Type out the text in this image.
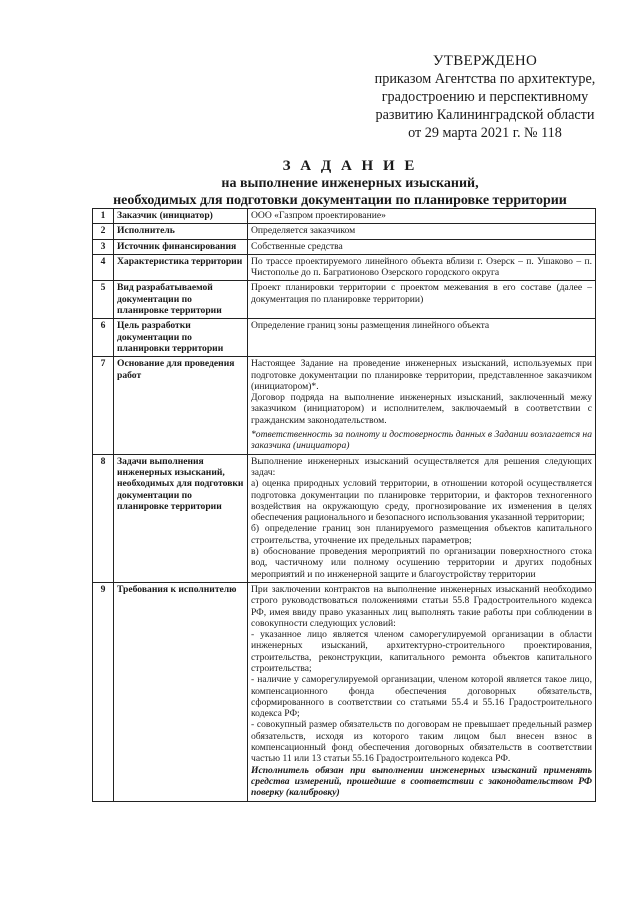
УТВЕРЖДЕНО
приказом Агентства по архитектуре,
градостроению и перспективному
развитию Калининградской области
от 29 марта 2021 г. № 118
З А Д А Н И Е
на выполнение инженерных изысканий,
необходимых для подготовки документации по планировке территории
1	Заказчик (инициатор)	ООО «Газпром проектирование»

2	Исполнитель	Определяется заказчиком

3	Источник финансирования	Собственные средства

4	Характеристика территории	По трассе проектируемого линейного объекта вблизи г. Озерск – п. Ушаково – п. Чистополье до п. Багратионово Озерского городского округа

5	Вид разрабатываемой документации по планировке территории	Проект планировки территории с проектом межевания в его составе (далее – документация по планировке территории)

6	Цель разработки документации по планировки территории	Определение границ зоны размещения линейного объекта

7	Основание для проведения работ	Настоящее Задание на проведение инженерных изысканий, используемых при подготовке документации по планировке территории, представленное заказчиком (инициатором)*.

Договор подряда на выполнение инженерных изысканий, заключенный межу заказчиком (инициатором) и исполнителем, заключаемый в соответствии с гражданским законодательством.

*ответственность за полноту и достоверность данных в Задании возлагается на заказчика (инициатора)

8	Задачи выполнения инженерных изысканий, необходимых для подготовки документации по планировке территории	Выполнение инженерных изысканий осуществляется для решения следующих задач:

а) оценка природных условий территории, в отношении которой осуществляется подготовка документации по планировке территории, и факторов техногенного воздействия на окружающую среду, прогнозирование их изменения в целях обеспечения рационального и безопасного использования указанной территории;

б) определение границ зон планируемого размещения объектов капитального строительства, уточнение их предельных параметров;

в) обоснование проведения мероприятий по организации поверхностного стока вод, частичному или полному осушению территории и других подобных мероприятий и по инженерной защите и благоустройству территории

9	Требования к исполнителю	При заключении контрактов на выполнение инженерных изысканий необходимо строго руководствоваться положениями статьи 55.8 Градостроительного кодекса РФ, имея ввиду право указанных лиц выполнять такие работы при соблюдении в совокупности следующих условий:

- указанное лицо является членом саморегулируемой организации в области инженерных изысканий, архитектурно-строительного проектирования, строительства, реконструкции, капитального ремонта объектов капитального строительства;

- наличие у саморегулируемой организации, членом которой является такое лицо, компенсационного фонда обеспечения договорных обязательств, сформированного в соответствии со статьями 55.4 и 55.16 Градостроительного кодекса РФ;

- совокупный размер обязательств по договорам не превышает предельный размер обязательств, исходя из которого таким лицом был внесен взнос в компенсационный фонд обеспечения договорных обязательств в соответствии частью 11 или 13 статьи 55.16 Градостроительного кодекса РФ.

Исполнитель обязан при выполнении инженерных изысканий применять средства измерений, прошедшие в соответствии с законодательством РФ поверку (калибровку)
